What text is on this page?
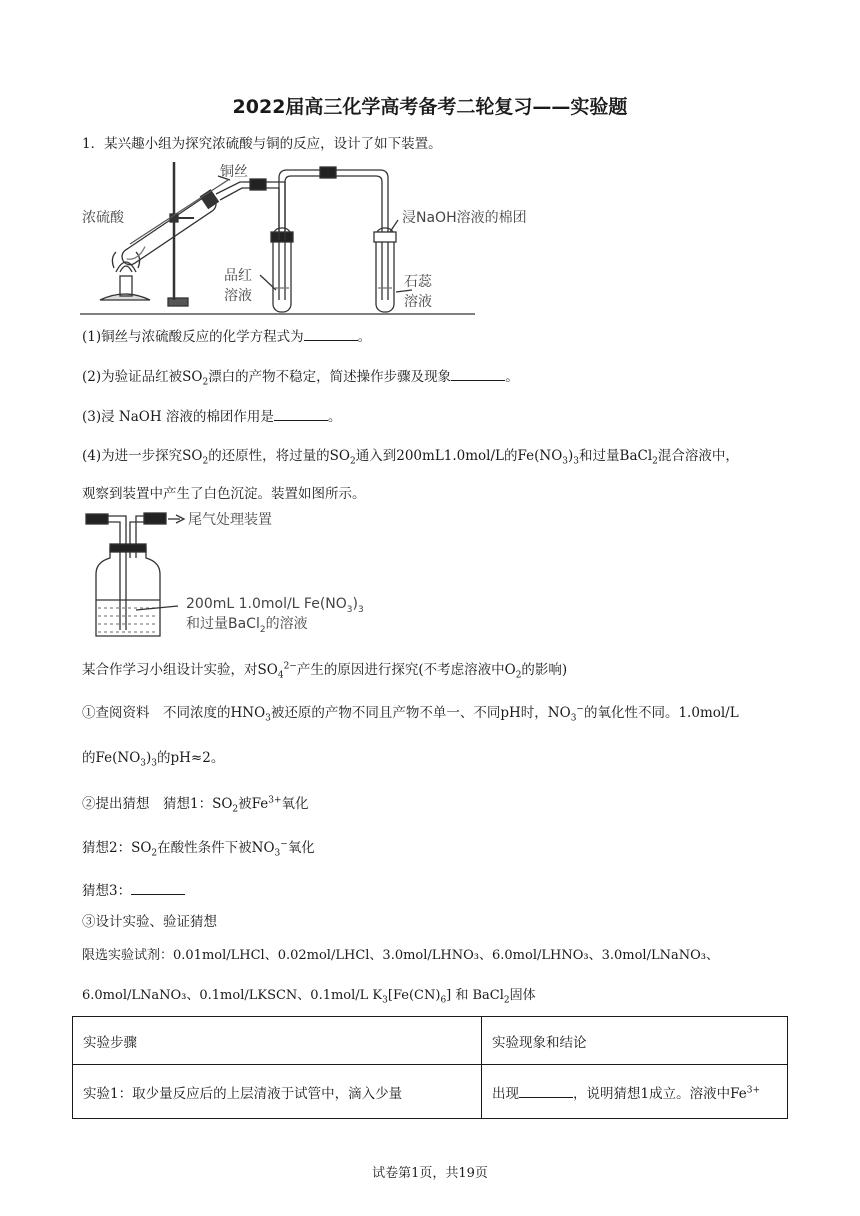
2022届高三化学高考备考二轮复习——实验题
1．某兴趣小组为探究浓硫酸与铜的反应，设计了如下装置。
铜丝
浓硫酸	浸NaOH溶液的棉团
品红
溶液
石蕊
溶液
(1)铜丝与浓硫酸反应的化学方程式为	。
(2)为验证品红被$SO_2$漂白的产物不稳定，简述操作步骤及现象	。
(3)浸 NaOH 溶液的棉团作用是	。
(4)为进一步探究$SO_2$的还原性，将过量的$SO_2$通入到200mL1.0mol/L的$Fe(NO_3)_3$和过量BaCl$_2$混合溶液中，
观察到装置中产生了白色沉淀。装置如图所示。
尾气处理装置
200mL 1.0mol/L $Fe(NO_3)_3$
和过量BaCl$_2$的溶液
某合作学习小组设计实验，对$SO_4^{2-}$产生的原因进行探究(不考虑溶液中$O_2$的影响)
①查阅资料　不同浓度的$HNO_3$被还原的产物不同且产物不单一、不同pH时，$NO_3^-$的氧化性不同。1.0mol/L
的$Fe(NO_3)_3$的pH≈2。
②提出猜想　猜想1：$SO_2$被$Fe^{3+}$氧化
猜想2：$SO_2$在酸性条件下被$NO_3^-$氧化
猜想3：
③设计实验、验证猜想
限选实验试剂：0.01mol/LHCl、0.02mol/LHCl、3.0mol/LHNO₃、6.0mol/LHNO₃、3.0mol/LNaNO₃、
6.0mol/LNaNO₃、0.1mol/LKSCN、0.1mol/L $K_3[Fe(CN)_6]$ 和 BaCl$_2$固体
实验步骤	实验现象和结论
实验1：取少量反应后的上层清液于试管中，滴入少量	出现 ，说明猜想1成立。溶液中$Fe^{3+}$
试卷第1页，共19页
